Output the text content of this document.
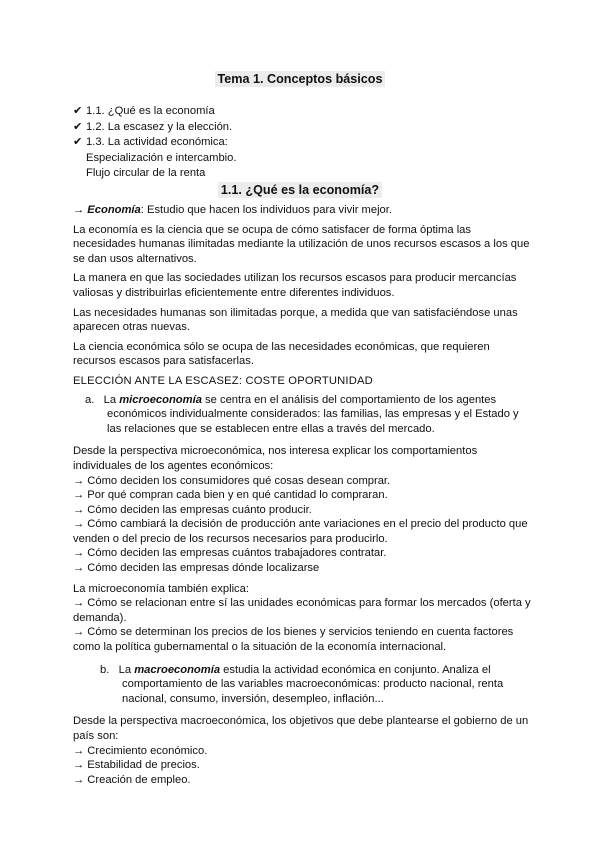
Tema 1. Conceptos básicos
✔ 1.1. ¿Qué es la economía
✔ 1.2. La escasez y la elección.
✔ 1.3. La actividad económica:
Especialización e intercambio.
Flujo circular de la renta
1.1. ¿Qué es la economía?

→ Economía: Estudio que hacen los individuos para vivir mejor.

La economía es la ciencia que se ocupa de cómo satisfacer de forma óptima las necesidades humanas ilimitadas mediante la utilización de unos recursos escasos a los que se dan usos alternativos.

La manera en que las sociedades utilizan los recursos escasos para producir mercancías valiosas y distribuirlas eficientemente entre diferentes individuos.

Las necesidades humanas son ilimitadas porque, a medida que van satisfaciéndose unas aparecen otras nuevas.

La ciencia económica sólo se ocupa de las necesidades económicas, que requieren recursos escasos para satisfacerlas.

ELECCIÓN ANTE LA ESCASEZ: COSTE OPORTUNIDAD

a. La microeconomía se centra en el análisis del comportamiento de los agentes económicos individualmente considerados: las familias, las empresas y el Estado y las relaciones que se establecen entre ellas a través del mercado.

Desde la perspectiva microeconómica, nos interesa explicar los comportamientos individuales de los agentes económicos:

→ Cómo deciden los consumidores qué cosas desean comprar.
→ Por qué compran cada bien y en qué cantidad lo compraran.
→ Cómo deciden las empresas cuánto producir.
→ Cómo cambiará la decisión de producción ante variaciones en el precio del producto que venden o del precio de los recursos necesarios para producirlo.
→ Cómo deciden las empresas cuántos trabajadores contratar.
→ Cómo deciden las empresas dónde localizarse

La microeconomía también explica:

→ Cómo se relacionan entre sí las unidades económicas para formar los mercados (oferta y demanda).
→ Cómo se determinan los precios de los bienes y servicios teniendo en cuenta factores como la política gubernamental o la situación de la economía internacional.
b. La macroeconomía estudia la actividad económica en conjunto. Analiza el comportamiento de las variables macroeconómicas: producto nacional, renta nacional, consumo, inversión, desempleo, inflación...

Desde la perspectiva macroeconómica, los objetivos que debe plantearse el gobierno de un país son:

→ Crecimiento económico.
→ Estabilidad de precios.
→ Creación de empleo.
